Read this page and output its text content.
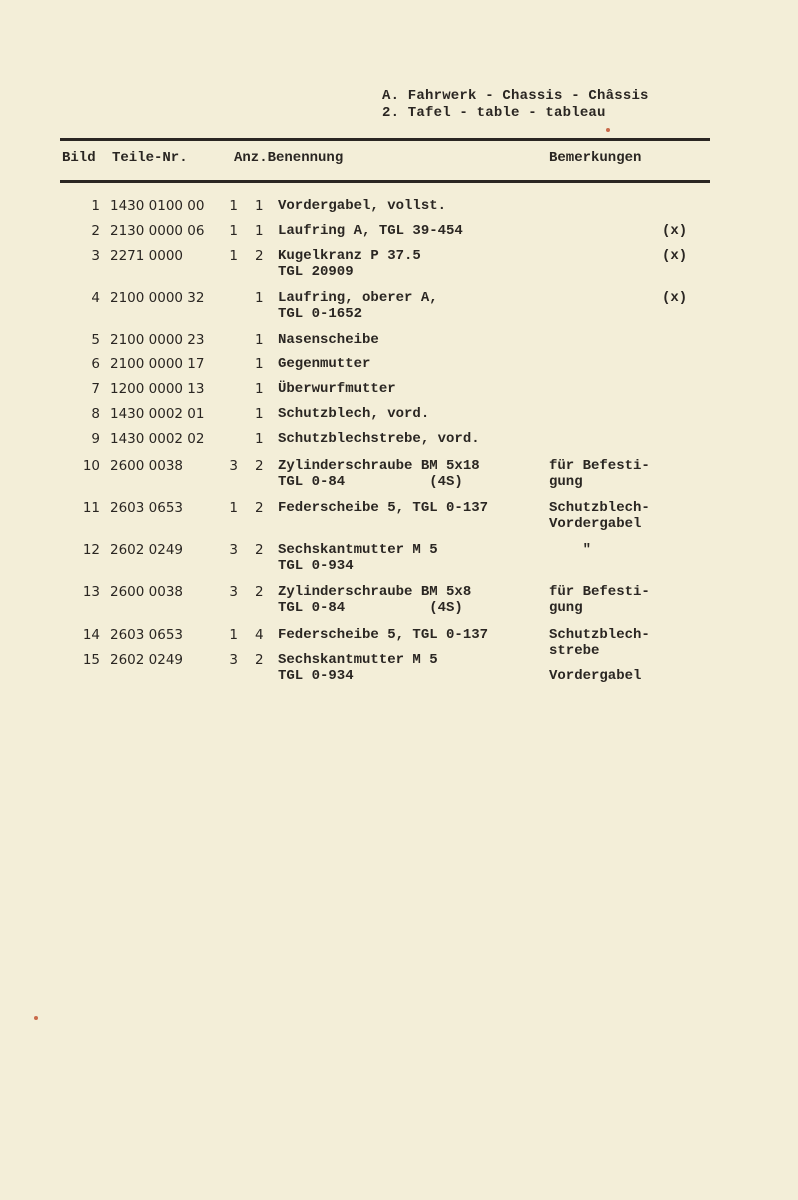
A. Fahrwerk - Chassis - Châssis
2. Tafel - table - tableau
Bild Teile-Nr.	Anz.Benennung	Bemerkungen
1 1430 0100 00	1 1 Vordergabel, vollst.
2 2130 0000 06	1 1 Laufring A, TGL 39-454	(x)
3 2271 0000	1 2 Kugelkranz P 37.5	(x)
TGL 20909
4 2100 0000 32	1 Laufring, oberer A,	(x)
TGL 0-1652
5 2100 0000 23	1 Nasenscheibe
6 2100 0000 17	1 Gegenmutter
7 1200 0000 13	1 Überwurfmutter
8 1430 0002 01	1 Schutzblech, vord.
9 1430 0002 02	1 Schutzblechstrebe, vord.
10 2600 0038	3 2 Zylinderschraube BM 5x18	für Befesti-
TGL 0-84          (4S)	gung
11 2603 0653	1 2 Federscheibe 5, TGL 0-137	Schutzblech-
Vordergabel
12 2602 0249	3 2 Sechskantmutter M 5	"
TGL 0-934
13 2600 0038	3 2 Zylinderschraube BM 5x8	für Befesti-
TGL 0-84          (4S)	gung
14 2603 0653	1 4 Federscheibe 5, TGL 0-137	Schutzblech-
strebe
15 2602 0249	3 2 Sechskantmutter M 5
TGL 0-934	Vordergabel
